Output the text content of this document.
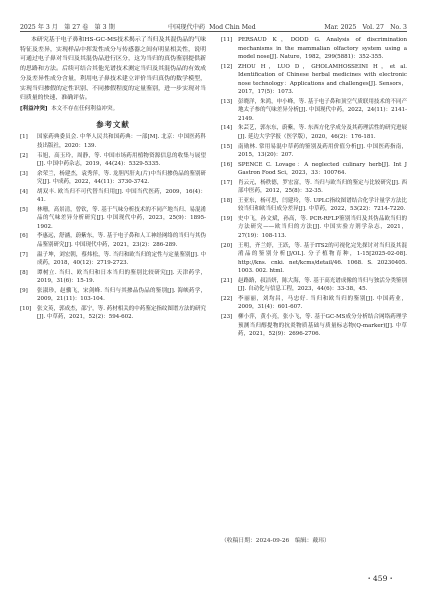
2025 年 3 月　第 27 卷　第 3 期	中国现代中药 Mod Chin Med	Mar. 2025　Vol. 27　No. 3

本研究基于电子鼻和HS-GC-MS技术揭示了当归及其混伪品的气味特征及差异，实现样品中挥发性成分与传感器之间有明显相关性，说明可通过电子鼻对当归及其混伪品进行区分，这为当归的真伪鉴别提供新的思路和方法。后续可结合其他光谱技术测定当归及其混伪品的有效成分及差异性成分含量，利用电子鼻技术建立评价当归真伪的数学模型，实现当归掺假的定性识别、不同掺假程度的定量鉴别，进一步实现对当归质量的快速、准确评估。

[利益冲突] 本文不存在任何利益冲突。

参考文献
[1] 国家药典委员会. 中华人民共和国药典：一部[M]. 北京：中国医药科技出版社，2020：139.
[2] 韦旭，高玉玲，周静，等. 中国市场药用植物资源信息的收集与展望[J]. 中国中药杂志，2019，44(24)：5329-5335.
[3] 余荣兰，杨建杰，袁秀萍，等. 龙胆泻肝丸(片)中当归掺伪品的鉴别研究[J]. 中成药，2022，44(11)：3730-3742.
[4] 胡双丰. 欧当归不可代替当归用[J]. 中国当代医药，2009，16(4)：41.
[5] 林珊，高景清，曾钦，等. 基于气味分析技术的不同产地当归、易混淆品的气味差异分析研究[J]. 中国现代中药，2023，25(9)：1895-1902.
[6] 李惠远，舒涵，蔚紫东，等. 基于电子鼻和人工神经网络的当归与其伪品鉴别研究[J]. 中国现代中药，2021，23(2)：286-289.
[7] 温子坤，刘宏朝，蔡炜松，等. 当归和欧当归的定性与定量鉴别[J]. 中成药，2018，40(12)：2719-2723.
[8] 谭树立. 当归、欧当归和日本当归的鉴别比较研究[J]. 天津药学，2019，31(6)：15-19.
[9] 张淑珍，赵骥飞，宋剑峰. 当归与其掺品伪品的鉴别[J]. 海峡药学，2009，21(11)：103-104.
[10] 张文英，郭成杰，邵宁，等. 药材相关的中药鉴定指纹图谱方法的研究[J]. 中草药，2021，52(2)：594-602.
[11] PERSAUD K，DODD G. Analysis of discrimination mechanisms in the mammalian olfactory system using a model nose[J]. Nature，1982，299(5881)：352-355.
[12] ZHOU H，LUO D，GHOLAMHOSSEINI H，et al. Identification of Chinese herbal medicines with electronic nose technology：Applications and challenges[J]. Sensors，2017，17(5)：1073.
[13] 彭晓洋，朱鸿，申小峰，等. 基于电子鼻和顶空气质联用技术的不同产地太子参的气味差异分析[J]. 中国现代中药，2022，24(11)：2141-2149.
[14] 朱芸艺，郭东东，蔚紫，等. 东西方化学成分及其药理活性的研究进展[J]. 延边大学学报（医学版），2020，46(2)：176-181.
[15] 南勋林. 常用易混中草药的鉴别及药用价值分析[J]. 中国医药指南，2015，13(20)：207.
[16] SPENCE C. Lovage：A neglected culinary herb[J]. Int J Gastron Food Sci，2023，33：100764.
[17] 肖云元，杨秩德，罗宏富，等. 当归与欧当归的鉴定与比较研究[J]. 西部中医药，2012，25(8)：32-35.
[18] 王亚东，杨可思，闫建玲，等. UPLC指纹图谱结合化学计量学方法比较当归和欧当归成分差异[J]. 中草药，2022，53(22)：7214-7220.
[19] 史中飞，孙文斌，孙高，等. PCR-RFLP鉴别当归及其伪品欧当归的方法研究——欧当归的方法[J]. 中国实验方剂学杂志，2021，27(19)：108-113.
[20] 王明，齐兰婷，王跃，等. 基于ITS2的可视化完先探讨对当归及其混淆品的鉴别分析[J/OL]. 分子植物育种，1-15[2025-02-08]. http://kns. cnki. net/kcms/detail/46. 1068. S. 20230405. 1003. 002. html.
[21] 赵路路，叔洁妍，陈大海，等. 基于高光谱成像的当归与独活分类鉴别[J]. 自动化与信息工程，2023，44(6)：33-38，45.
[22] 李丽丽，刘均昌，马忠好. 当归和欧当归的鉴别[J]. 中国药业，2009，31(4)：601-607.
[23] 柳小萍，黄小亮，张小飞，等. 基于GC-MS成分分析结合网络药理学预测当归醇提物的抗炎物质基础与质量标志物(Q-marker)[J]. 中草药，2021，52(9)：2696-2706.
（收稿日期：2024-09-26　编辑：戴玮）
・459・
